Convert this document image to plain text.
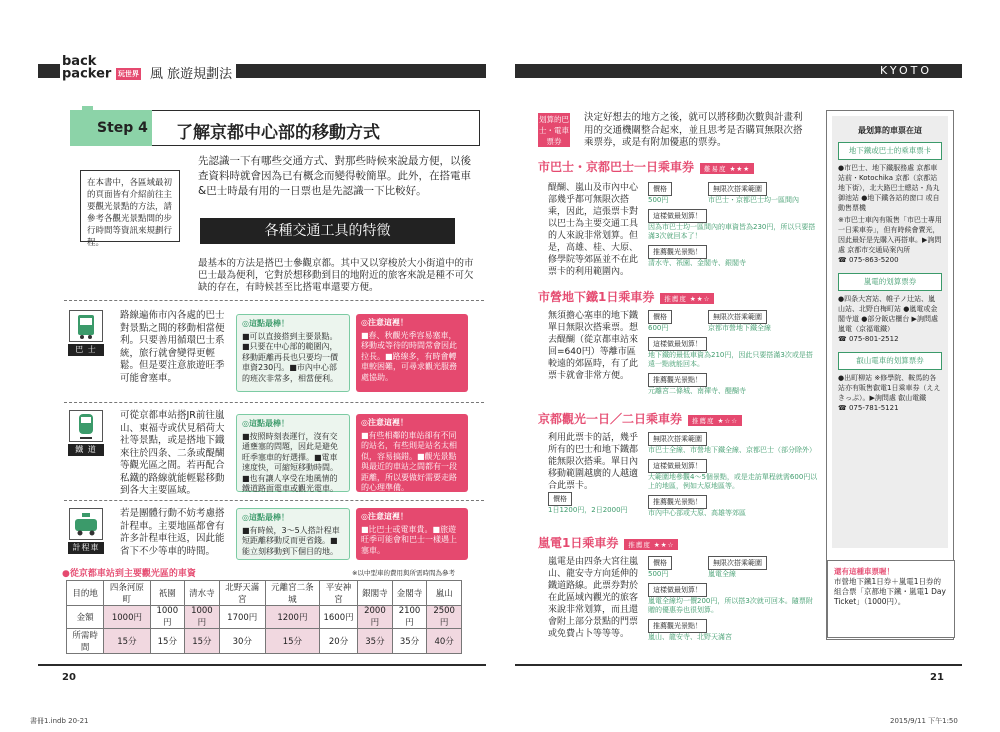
back
packer 玩世界 風 旅遊規劃法
Step 4 了解京都中心部的移動方式
在本書中，各區域最初的頁面皆有介紹前往主要觀光景點的方法，請參考各觀光景點間的步行時間等資訊來規劃行程。
先認識一下有哪些交通方式、對那些時候來說最方便，以後查資料時就會因為已有概念而變得較簡單。此外，在搭電車&巴士時最有用的一日票也是先認識一下比較好。
各種交通工具的特徵
最基本的方法是搭巴士參觀京都。其中又以穿梭於大小街道中的市巴士最為便利，它對於想移動到目的地附近的旅客來說是種不可欠缺的存在，有時候甚至比搭電車還要方便。
巴 士
路線遍佈市內各處的巴士對景點之間的移動相當便利。只要善用循環巴士系統，旅行就會變得更輕鬆。但是要注意旅遊旺季可能會塞車。
◎這點最棒！
■可以直接搭到主要景點。■只要在中心部的範圍內，移動距離再長也只要均一價車資230円。■市內中心部的班次非常多，相當便利。
◎注意這裡！
■春、秋觀光季容易塞車，移動或等待的時間常會因此拉長。■路線多，有時會轉車較困難，可尋求觀光服務處協助。
鐵 道
可從京都車站搭JR前往嵐山、東福寺或伏見稻荷大社等景點，或是搭地下鐵來往於四条、二条或醍醐等觀光區之間。若再配合私鐵的路線就能輕鬆移動到各大主要區域。
◎這點最棒！
■按照時刻表運行，沒有交通壅塞的問題，因此是避免旺季塞車的好選擇。■電車速度快，可縮短移動時間。■也有讓人享受在地風情的鐵道路面電車或觀光電車。
◎注意這裡！
■有些相鄰的車站卻有不同的站名，有些則是站名太相似，容易搞錯。■觀光景點與最近的車站之間都有一段距離，所以要做好需要走路的心理準備。
計程車
若是團體行動不妨考慮搭計程車。主要地區都會有許多計程車往返，因此能省下不少等車的時間。
◎這點最棒！
■有時候，3～5人搭計程車短距離移動反而更省錢。■能立刻移動到下個目的地。
◎注意這裡！
■比巴士或電車貴。■旅遊旺季可能會和巴士一樣遇上塞車。
●從京都車站到主要觀光區的車資	※以中型車的費用與所需時間為參考
目的地	四条河原町	祇園	清水寺	北野天滿宮	元離宮二条城	平安神宮	銀閣寺	金閣寺	嵐山
金額	1000円	1000円	1000円	1700円	1200円	1600円	2000円	2100円	2500円
所需時間	15分	15分	15分	30分	15分	20分	35分	35分	40分
20
KYOTO
划算的巴士・電車票券
決定好想去的地方之後，就可以將移動次數與計畫利用的交通機關整合起來，並且思考是否購買無限次搭乘票券，或是有附加優惠的票券。
市巴士・京都巴士一日乘車券 難易度 ★★★
醍醐、嵐山及市內中心部幾乎都可無限次搭乘，因此，這張票卡對以巴士為主要交通工具的人來說非常划算。但是，高雄、桂、大原、修學院等郊區並不在此票卡的利用範圍內。
價格
500円
無限次搭乘範圍
市巴士・京都巴士均一區間內
這樣做最划算！
因為市巴士均一區間內的車資皆為230円，所以只要搭滿3次就回本了！
推薦觀光景點！
清水寺、祇園、金閣寺、銀閣寺
市營地下鐵1日乘車券 推薦度 ★★☆
無須擔心塞車的地下鐵單日無限次搭乘票。想去醍醐（從京都車站來回=640円）等離市區較遠的郊區時，有了此票卡就會非常方便。
價格
600円
無限次搭乘範圍
京都市營地下鐵全線
這樣做最划算！
地下鐵的最低車資為210円，因此只要搭滿3次或是搭遠一點就能回本。
推薦觀光景點！
元離宮二條城、南禪寺、醍醐寺
京都觀光一日／二日乘車券 推薦度 ★☆☆
利用此票卡的話，幾乎所有的巴士和地下鐵都能無限次搭乘。單日內移動範圍越廣的人越適合此票卡。
價格
1日1200円，2日2000円
無限次搭乘範圍
市巴士全線、市營地下鐵全線、京都巴士（部分除外）
這樣做最划算！
大範圍地參觀4～5個景點，或是走訪單程就需600円以上的地區，例如大原地區等。
推薦觀光景點！
市內中心部或大原、高雄等郊區
嵐電1日乘車券 推薦度 ★★☆
嵐電是由四条大宮往嵐山、龍安寺方向延伸的鐵道路線。此票券對於在此區域內觀光的旅客來說非常划算，而且還會附上部分景點的門票或免費占卜等等等。
價格
500円
無限次搭乘範圍
嵐電全線
這樣做最划算！
嵐電全線均一價200円，所以搭3次就可回本。隨票附贈的優惠券也很划算。
推薦觀光景點！
嵐山、龍安寺、北野天滿宮
最划算的車票在這
地下鐵或巴士的乘車票卡
●市巴士、地下鐵服務處 京都車站前・Kotochika 京都（京都站地下街），北大路巴士總站・烏丸御池站 ●地下鐵各站的窗口 或自動售票機
※市巴士車內有販售「市巴士專用一日乘車券」，但有時候會賣光，因此最好是先購入再搭車。▶詢問處 京都市交通局案內所
☎ 075-863-5200
嵐電的划算票券
●四条大宮站、帷子ノ辻站、嵐山站、北野白梅町站 ●嵐電或金閣寺道 ●部分飯店櫃台 ▶詢問處 嵐電（京福電鐵）
☎ 075-801-2512
叡山電車的划算票券
●出町柳站 ※修學院、鞍馬的各站亦有販售叡電1日乘車券（ええきっぷ）。▶詢問處 叡山電鐵
☎ 075-781-5121
還有這種車票喔！
市營地下鐵1日券＋嵐電1日券的組合票「京都地下鐵・嵐電1 Day Ticket」（1000円）。
21
書冊1.indb 20-21	2015/9/11 下午1:50
